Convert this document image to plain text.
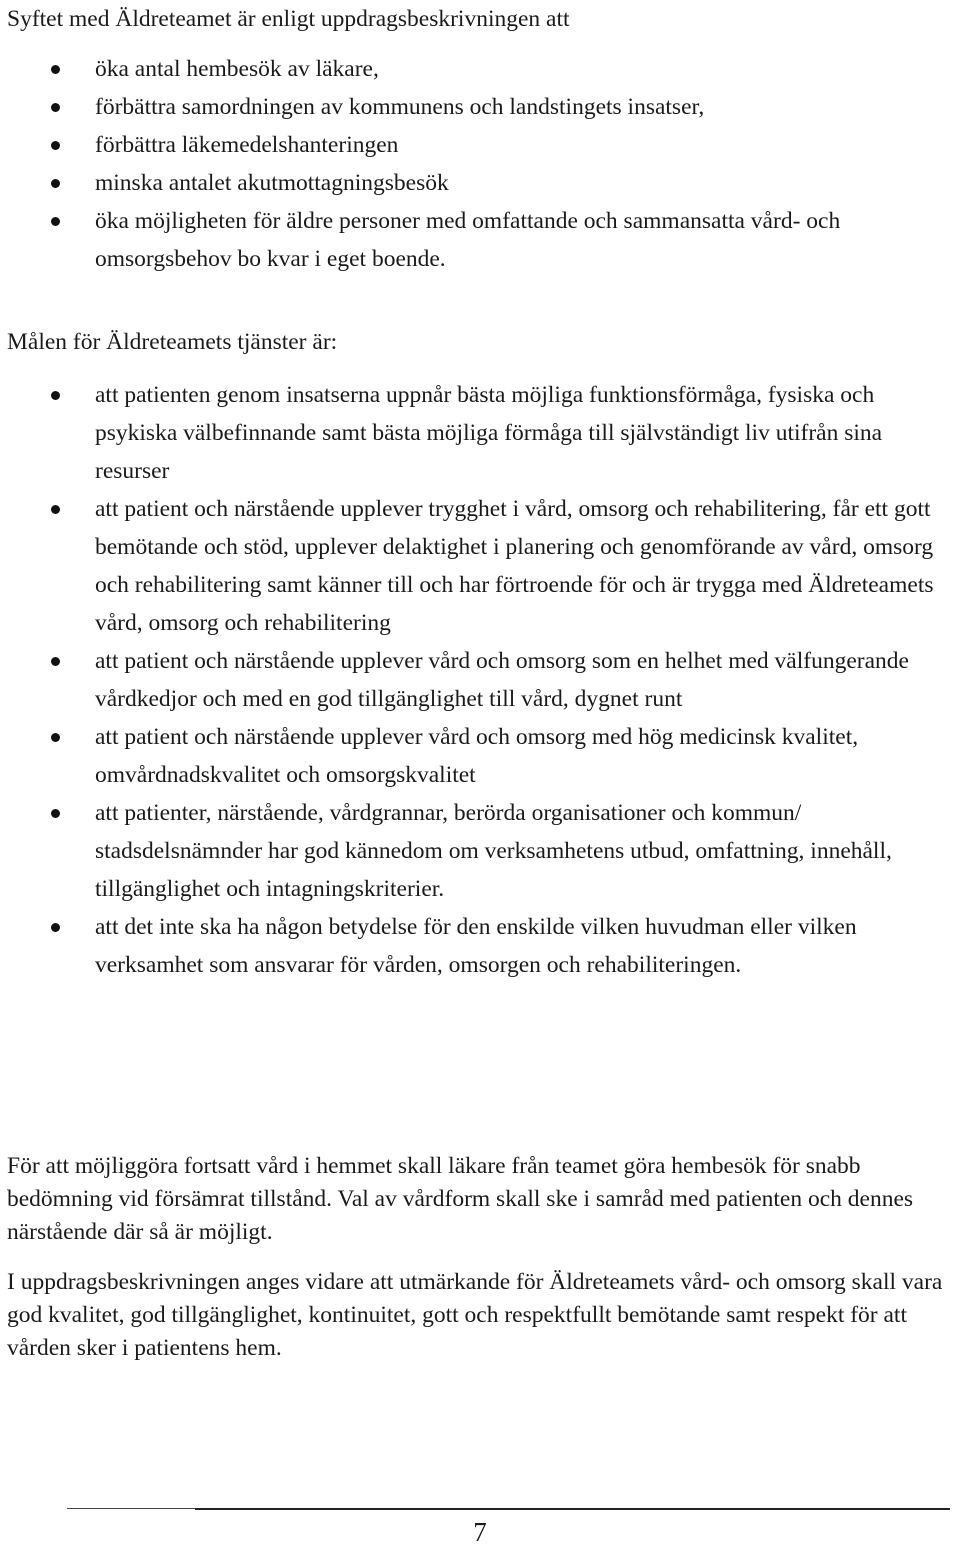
Syftet med Äldreteamet är enligt uppdragsbeskrivningen att

öka antal hembesök av läkare,
förbättra samordningen av kommunens och landstingets insatser,
förbättra läkemedelshanteringen
minska antalet akutmottagningsbesök
öka möjligheten för äldre personer med omfattande och sammansatta vård- och omsorgsbehov bo kvar i eget boende.

Målen för Äldreteamets tjänster är:

att patienten genom insatserna uppnår bästa möjliga funktionsförmåga, fysiska och psykiska välbefinnande samt bästa möjliga förmåga till självständigt liv utifrån sina resurser
att patient och närstående upplever trygghet i vård, omsorg och rehabilitering, får ett gott bemötande och stöd, upplever delaktighet i planering och genomförande av vård, omsorg och rehabilitering samt känner till och har förtroende för och är trygga med Äldreteamets vård, omsorg och rehabilitering
att patient och närstående upplever vård och omsorg som en helhet med välfungerande vårdkedjor och med en god tillgänglighet till vård, dygnet runt
att patient och närstående upplever vård och omsorg med hög medicinsk kvalitet, omvårdnadskvalitet och omsorgskvalitet
att patienter, närstående, vårdgrannar, berörda organisationer och kommun/ stadsdelsnämnder har god kännedom om verksamhetens utbud, omfattning, innehåll, tillgänglighet och intagningskriterier.
att det inte ska ha någon betydelse för den enskilde vilken huvudman eller vilken verksamhet som ansvarar för vården, omsorgen och rehabiliteringen.

För att möjliggöra fortsatt vård i hemmet skall läkare från teamet göra hembesök för snabb bedömning vid försämrat tillstånd. Val av vårdform skall ske i samråd med patienten och dennes närstående där så är möjligt.

I uppdragsbeskrivningen anges vidare att utmärkande för Äldreteamets vård- och omsorg skall vara god kvalitet, god tillgänglighet, kontinuitet, gott och respektfullt bemötande samt respekt för att vården sker i patientens hem.

7
